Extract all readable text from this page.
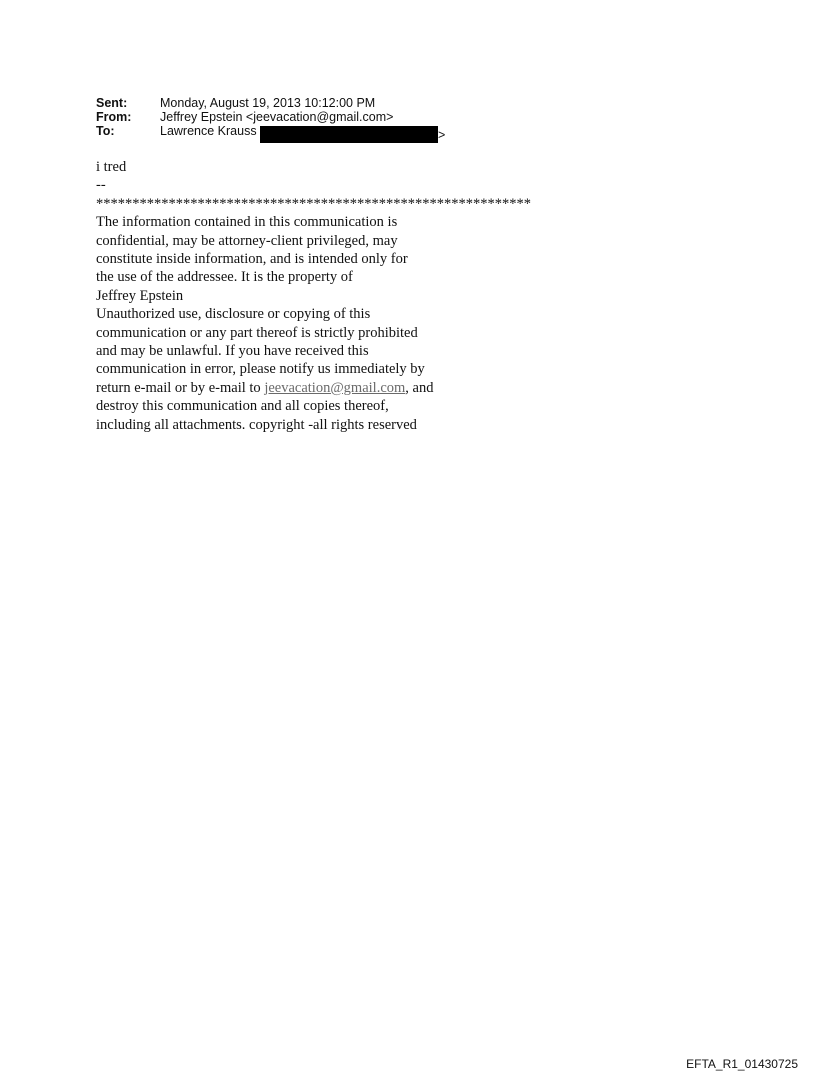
Sent:	Monday, August 19, 2013 10:12:00 PM
From:	Jeffrey Epstein <jeevacation@gmail.com>
To:	Lawrence Krauss	>
i tred
--
************************************************************
The information contained in this communication is
confidential, may be attorney-client privileged, may
constitute inside information, and is intended only for
the use of the addressee. It is the property of
Jeffrey Epstein
Unauthorized use, disclosure or copying of this
communication or any part thereof is strictly prohibited
and may be unlawful. If you have received this
communication in error, please notify us immediately by
return e-mail or by e-mail to jeevacation@gmail.com, and
destroy this communication and all copies thereof,
including all attachments. copyright -all rights reserved
EFTA_R1_01430725
